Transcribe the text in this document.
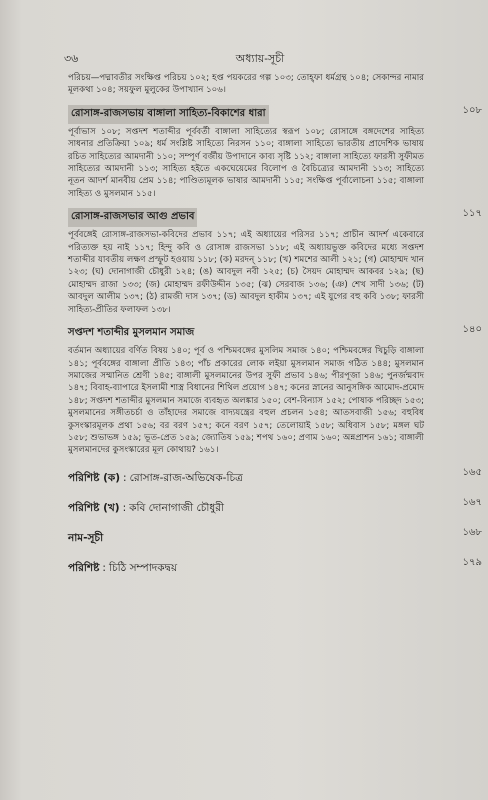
৩৬	অধ্যায়-সূচী

পরিচয়—পদ্মাবতীর সংক্ষিপ্ত পরিচয় ১০২; হপ্ত পয়করের গল্প ১০৩; তোহ্‌ফা ধর্মগ্রন্থ ১০৪; সেকান্দর নামার মূলকথা ১০৪; সয়ফুল মুলুকের উপাখ্যান ১০৬।

রোসাঙ্গ-রাজসভায় বাঙ্গালা সাহিত্য-বিকাশের ধারা	১০৮

পূর্বাভাস ১০৮; সপ্তদশ শতাব্দীর পূর্ববর্তী বাঙ্গালা সাহিত্যের স্বরূপ ১০৮; রোসাঙ্গে বঙ্গদেশের সাহিত্য সাধনার প্রতিক্রিয়া ১০৯; ধর্ম সংশ্লিষ্ট সাহিত্যে নিরসন ১১০; বাঙ্গালা সাহিত্যে ভারতীয় প্রাদেশিক ভাষায় রচিত সাহিত্যের আমদানী ১১০; সম্পূর্ণ বর্জীয় উপাদানে কাব্য সৃষ্টি ১১২; বাঙ্গালা সাহিত্যে ফারসী সুফীমত সাহিত্যের আমদানী ১১৩; সাহিত্য হইতে একঘেয়েমের বিলোপ ও বৈচিত্র্যের আমদানী ১১৩; সাহিত্যে নূতন আদর্শ মানবীয় প্রেম ১১৪; পাণ্ডিত্যমূলক ভাষার আমদানী ১১৫; সংক্ষিপ্ত পূর্বালোচনা ১১৫; বাঙ্গালা সাহিত্য ও মুসলমান ১১৫।

রোসাঙ্গ-রাজসভার আগু প্রভাব	১১৭

পূর্ববঙ্গেই রোসাঙ্গ-রাজসভা-কবিদের প্রভাব ১১৭; এই অধ্যায়ের পরিসর ১১৭; প্রাচীন আদর্শ একেবারে পরিত্যক্ত হয় নাই ১১৭; হিন্দু কবি ও রোসাঙ্গ রাজসভা ১১৮; এই অধ্যায়ভুক্ত কবিদের মধ্যে সপ্তদশ শতাব্দীর যাবতীয় লক্ষণ প্রস্ফুট হওয়ায় ১১৮; (ক) মরদন্ ১১৮; (খ) শমশের আলী ১২১; (গ) মোহাম্মদ খান ১২৩; (ঘ) দোনাগাজী চৌধুরী ১২৪; (ঙ) আবদুল নবী ১২৫; (চ) সৈয়দ মোহাম্মদ আকবর ১২৯; (ছ) মোহাম্মদ রাজা ১৩৩; (জ) মোহাম্মদ রফীউদ্দীন ১৩৫; (ঝ) সেরবাজ ১৩৬; (ঞ) শেখ সাদী ১৩৬; (ট) আবদুল আলীম ১৩৭; (ঠ) রামজী দাস ১৩৭; (ড) আবদুল হাকীম ১৩৭; এই যুগের বহু কবি ১৩৮; ফারসী সাহিত্য-প্রীতির ফলাফল ১৩৮।

সপ্তদশ শতাব্দীর মুসলমান সমাজ	১৪০

বর্তমান অধ্যায়ের বর্ণিত বিষয় ১৪০; পূর্ব ও পশ্চিমবঙ্গের মুসলিম সমাজ ১৪০; পশ্চিমবঙ্গের খিচুড়ি বাঙ্গালা ১৪১; পূর্ববঙ্গের বাঙ্গালা প্রীতি ১৪৩; পাঁচ প্রকারের লোক লইয়া মুসলমান সমাজ গঠিত ১৪৪; মুসলমান সমাজের সম্মানিত শ্রেণী ১৪৫; বাঙ্গালী মুসলমানের উপর সুফী প্রভাব ১৪৬; পীরপূজা ১৪৬; পুনর্জন্মবাদ ১৪৭; বিবাহ-ব্যাপারে ইসলামী শাস্ত্র বিধানের শিথিল প্রয়োগ ১৪৭; কনের স্নানের আনুসঙ্গিক আমোদ-প্রমোদ ১৪৮; সপ্তদশ শতাব্দীর মুসলমান সমাজে ব্যবহৃত অলঙ্কার ১৫০; বেশ-বিন্যাস ১৫২; পোষাক পরিচ্ছদ ১৫৩; মুসলমানের সঙ্গীতচর্চা ও তাঁহাদের সমাজে বাদ্যযন্ত্রের বহুল প্রচলন ১৫৪; আতসবাজী ১৫৬; বহুবিধ কুসংস্কারমূলক প্রথা ১৫৬; বর বরণ ১৫৭; কনে বরণ ১৫৭; তেলোয়াই ১৫৮; অধিবাস ১৫৮; মঙ্গল ঘট ১৫৮; শুভাভঙ্গ ১৫৯; ভূত-প্রেত ১৫৯; জ্যোতিষ ১৫৯; শপথ ১৬০; প্রণাম ১৬০; অন্নপ্রাশন ১৬১; বাঙ্গালী মুসলমানদের কুসংস্কারের মূল কোথায়? ১৬১।

পরিশিষ্ট (ক) : রোসাঙ্গ-রাজ-অভিষেক-চিত্র	১৬৫
পরিশিষ্ট (খ) : কবি দোনাগাজী চৌধুরী	১৬৭
নাম-সূচী	১৬৮
পরিশিষ্ট : চিঠি সম্পাদকদ্বয়	১৭৯
